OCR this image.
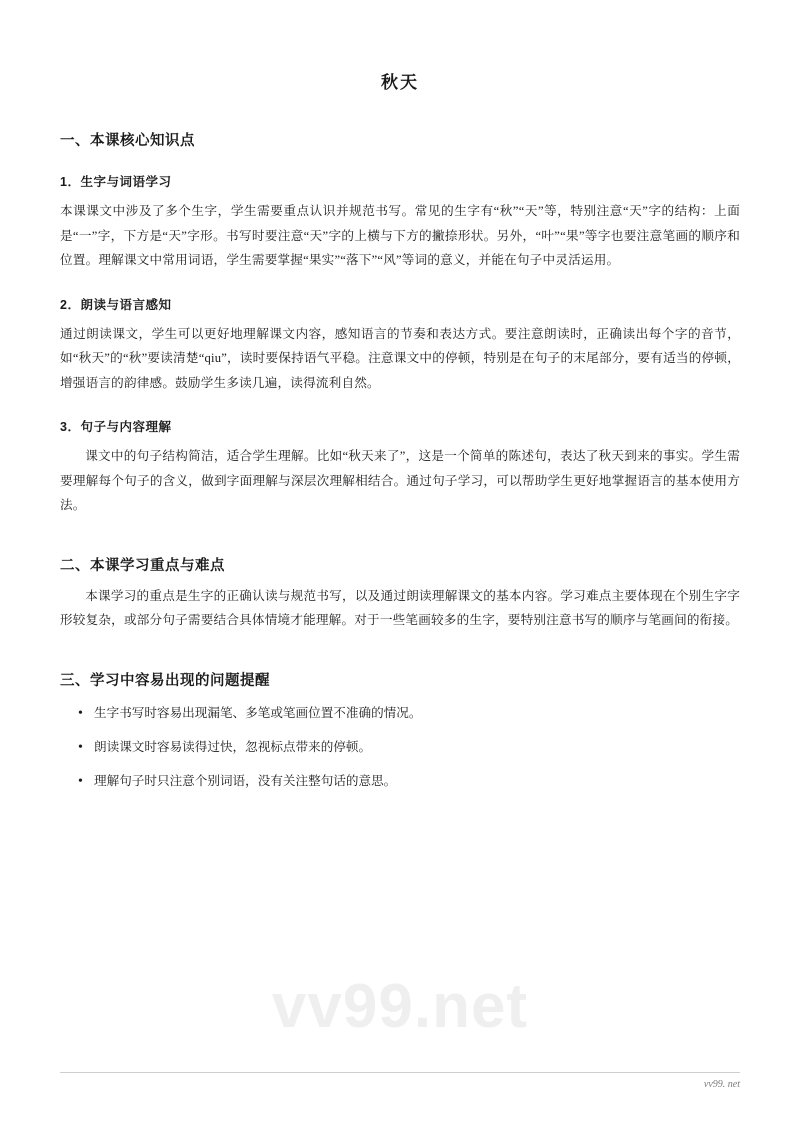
秋天
一、本课核心知识点
1．生字与词语学习

本课课文中涉及了多个生字，学生需要重点认识并规范书写。常见的生字有“秋”“天”等，特别注意“天”字的结构：上面是“一”字，下方是“天”字形。书写时要注意“天”字的上横与下方的撇捺形状。另外，“叶”“果”等字也要注意笔画的顺序和位置。理解课文中常用词语，学生需要掌握“果实”“落下”“风”等词的意义，并能在句子中灵活运用。

2．朗读与语言感知

通过朗读课文，学生可以更好地理解课文内容，感知语言的节奏和表达方式。要注意朗读时，正确读出每个字的音节，如“秋天”的“秋”要读清楚“qiu”，读时要保持语气平稳。注意课文中的停顿，特别是在句子的末尾部分，要有适当的停顿，增强语言的韵律感。鼓励学生多读几遍，读得流利自然。

3．句子与内容理解

课文中的句子结构简洁，适合学生理解。比如“秋天来了”，这是一个简单的陈述句，表达了秋天到来的事实。学生需要理解每个句子的含义，做到字面理解与深层次理解相结合。通过句子学习，可以帮助学生更好地掌握语言的基本使用方法。

二、本课学习重点与难点

本课学习的重点是生字的正确认读与规范书写，以及通过朗读理解课文的基本内容。学习难点主要体现在个别生字字形较复杂，或部分句子需要结合具体情境才能理解。对于一些笔画较多的生字，要特别注意书写的顺序与笔画间的衔接。

三、学习中容易出现的问题提醒
• 生字书写时容易出现漏笔、多笔或笔画位置不准确的情况。
• 朗读课文时容易读得过快，忽视标点带来的停顿。
• 理解句子时只注意个别词语，没有关注整句话的意思。
vv99.net
vv99. net
